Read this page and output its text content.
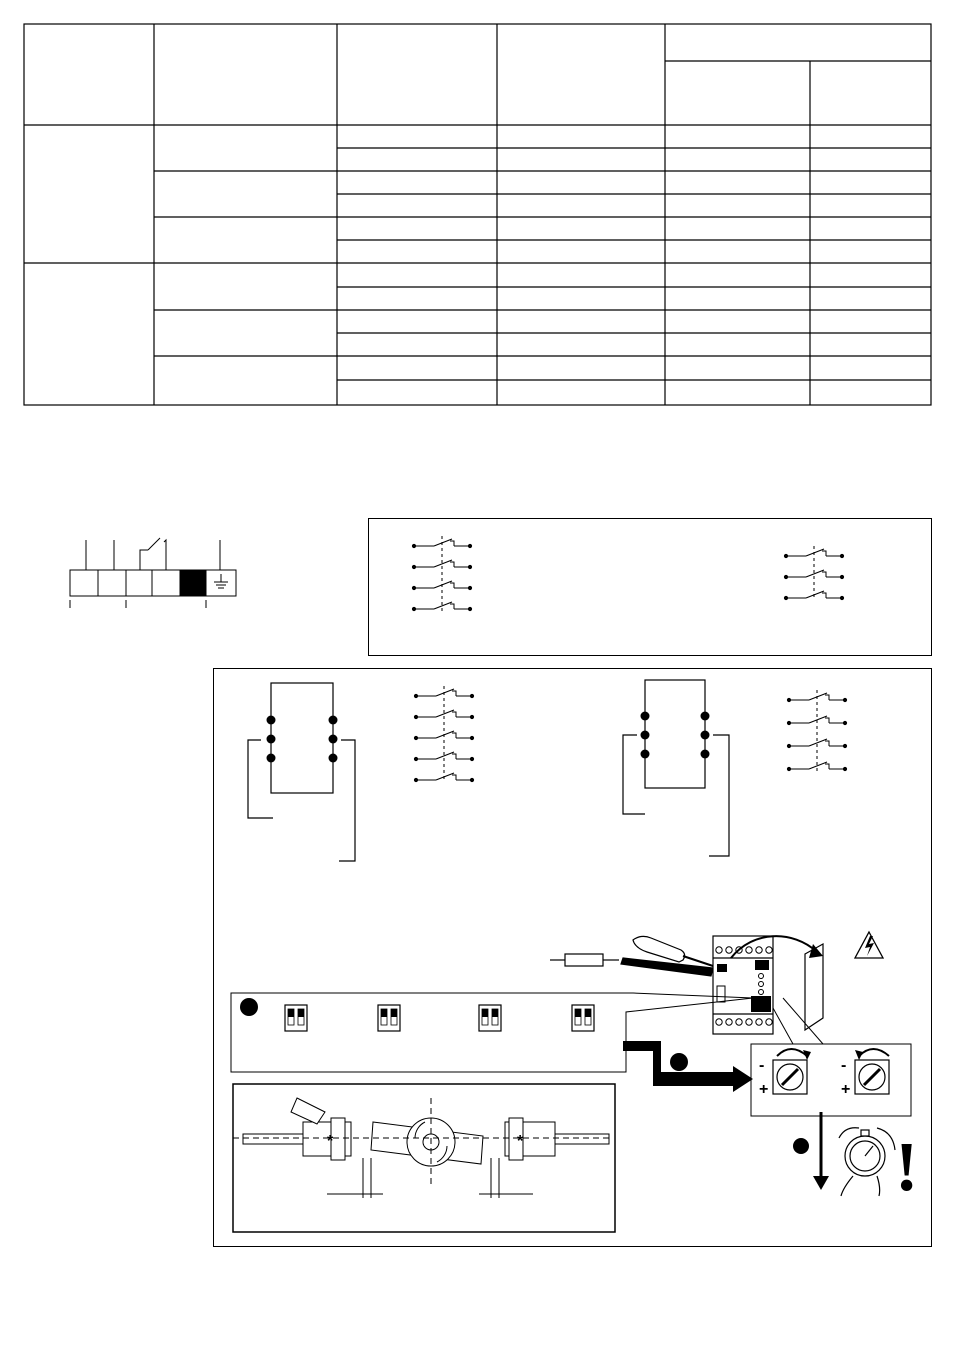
-
+
-
+
!
*	*
